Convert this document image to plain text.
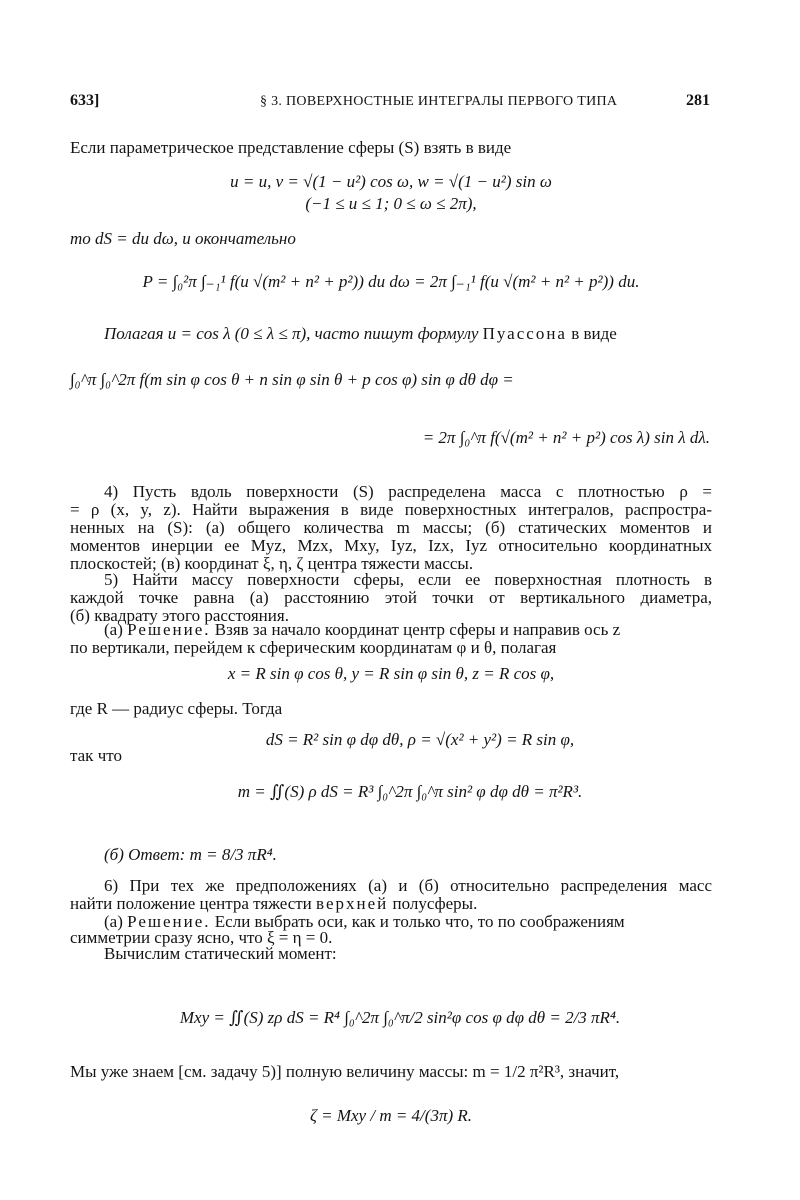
633]	§ 3. ПОВЕРХНОСТНЫЕ ИНТЕГРАЛЫ ПЕРВОГО ТИПА	281
Если параметрическое представление сферы (S) взять в виде
u = u, v = √(1 − u²) cos ω, w = √(1 − u²) sin ω
(−1 ≤ u ≤ 1; 0 ≤ ω ≤ 2π),
то dS = du dω, и окончательно
P = ∫₀²π ∫₋₁¹ f(u √(m² + n² + p²)) du dω = 2π ∫₋₁¹ f(u √(m² + n² + p²)) du.
Полагая u = cos λ (0 ≤ λ ≤ π), часто пишут формулу Пуассона в виде
∫₀^π ∫₀^2π f(m sin φ cos θ + n sin φ sin θ + p cos φ) sin φ dθ dφ =
= 2π ∫₀^π f(√(m² + n² + p²) cos λ) sin λ dλ.
4) Пусть вдоль поверхности (S) распределена масса с плотностью ρ =
= ρ (x, y, z). Найти выражения в виде поверхностных интегралов, распростра-
ненных на (S): (а) общего количества m массы; (б) статических моментов и
моментов инерции ее Myz, Mzx, Mxy, Iyz, Izx, Iyz относительно координатных
плоскостей; (в) координат ξ, η, ζ центра тяжести массы.
5) Найти массу поверхности сферы, если ее поверхностная плотность в
каждой точке равна (а) расстоянию этой точки от вертикального диаметра,
(б) квадрату этого расстояния.
(а) Решение. Взяв за начало координат центр сферы и направив ось z
по вертикали, перейдем к сферическим координатам φ и θ, полагая
x = R sin φ cos θ, y = R sin φ sin θ, z = R cos φ,
где R — радиус сферы. Тогда
dS = R² sin φ dφ dθ, ρ = √(x² + y²) = R sin φ,
так что
m = ∬(S) ρ dS = R³ ∫₀^2π ∫₀^π sin² φ dφ dθ = π²R³.
(б) Ответ: m = 8/3 πR⁴.
6) При тех же предположениях (а) и (б) относительно распределения масс
найти положение центра тяжести верхней полусферы.
(а) Решение. Если выбрать оси, как и только что, то по соображениям
симметрии сразу ясно, что ξ = η = 0.
Вычислим статический момент:
Mxy = ∬(S) zρ dS = R⁴ ∫₀^2π ∫₀^π/2 sin²φ cos φ dφ dθ = 2/3 πR⁴.
Мы уже знаем [см. задачу 5)] полную величину массы: m = 1/2 π²R³, значит,
ζ = Mxy / m = 4/(3π) R.
